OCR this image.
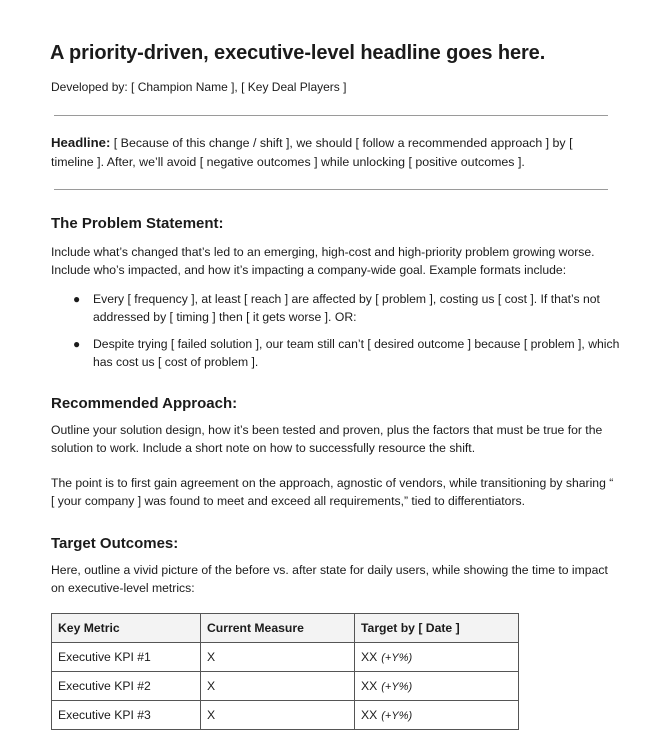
A priority-driven, executive-level headline goes here.
Developed by: [ Champion Name ], [ Key Deal Players ]
Headline: [ Because of this change / shift ], we should [ follow a recommended approach ] by [ timeline ]. After, we’ll avoid [ negative outcomes ] while unlocking [ positive outcomes ].
The Problem Statement:
Include what’s changed that’s led to an emerging, high-cost and high-priority problem growing worse. Include who’s impacted, and how it’s impacting a company-wide goal. Example formats include:
● Every [ frequency ], at least [ reach ] are affected by [ problem ], costing us [ cost ]. If that’s not addressed by [ timing ] then [ it gets worse ]. OR:
● Despite trying [ failed solution ], our team still can’t [ desired outcome ] because [ problem ], which has cost us [ cost of problem ].
Recommended Approach:
Outline your solution design, how it’s been tested and proven, plus the factors that must be true for the solution to work. Include a short note on how to successfully resource the shift.
The point is to first gain agreement on the approach, agnostic of vendors, while transitioning by sharing “ [ your company ] was found to meet and exceed all requirements,” tied to differentiators.
Target Outcomes:
Here, outline a vivid picture of the before vs. after state for daily users, while showing the time to impact on executive-level metrics:
Key Metric	Current Measure	Target by [ Date ]
Executive KPI #1	X	XX (+Y%)
Executive KPI #2	X	XX (+Y%)
Executive KPI #3	X	XX (+Y%)
